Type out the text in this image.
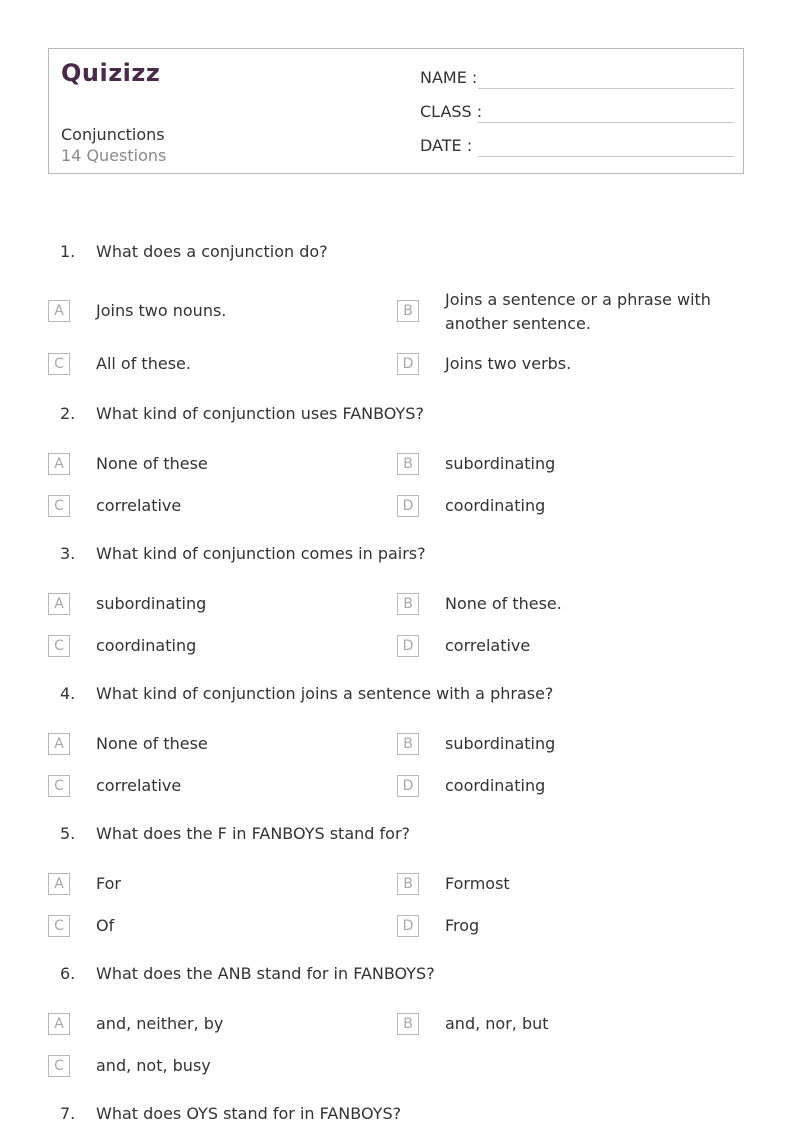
Quizizz
Conjunctions
14 Questions
NAME :
CLASS :
DATE :
1. What does a conjunction do?
A	Joins two nouns.	B
Joins a sentence or a phrase with another sentence.
C	All of these.	D	Joins two verbs.
2. What kind of conjunction uses FANBOYS?
A	None of these	B	subordinating
C	correlative	D	coordinating
3. What kind of conjunction comes in pairs?
A	subordinating	B	None of these.
C	coordinating	D	correlative
4. What kind of conjunction joins a sentence with a phrase?
A	None of these	B	subordinating
C	correlative	D	coordinating
5. What does the F in FANBOYS stand for?
A	For	B	Formost
C	Of	D	Frog
6. What does the ANB stand for in FANBOYS?
A	and, neither, by	B	and, nor, but
C	and, not, busy
7. What does OYS stand for in FANBOYS?
